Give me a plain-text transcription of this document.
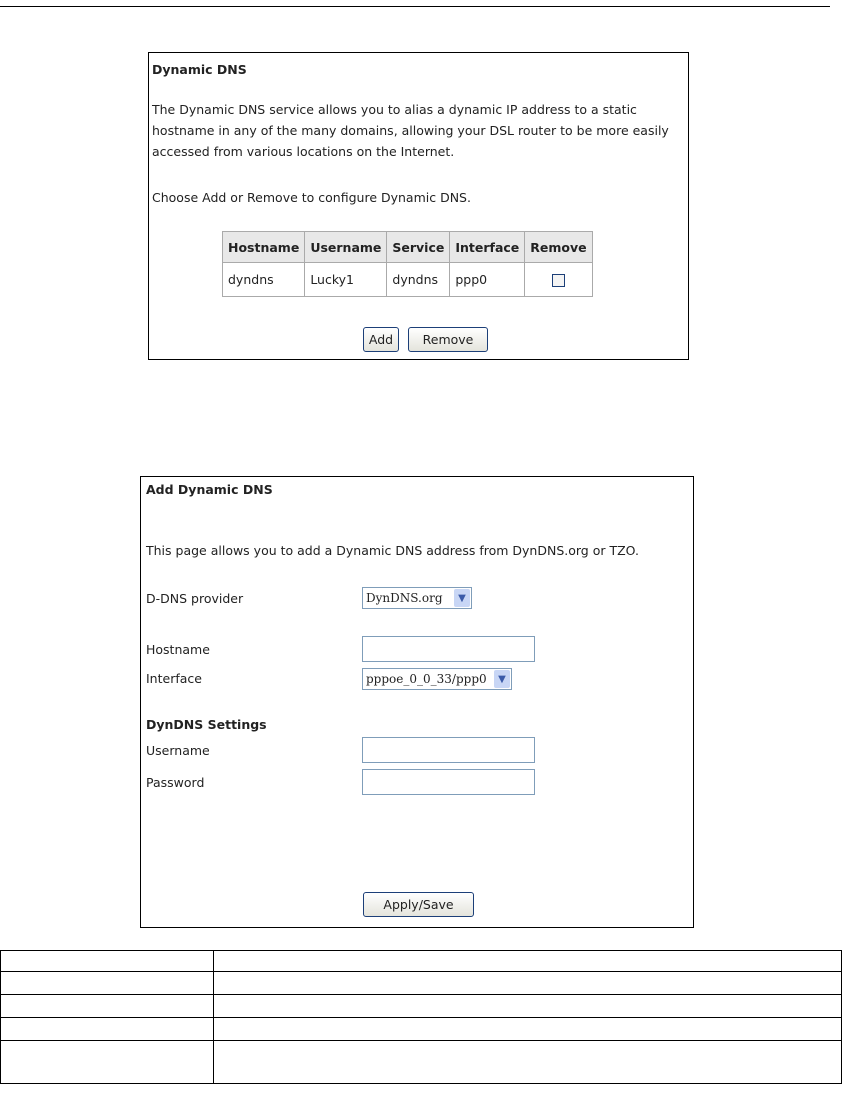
Dynamic DNS

The Dynamic DNS service allows you to alias a dynamic IP address to a static hostname in any of the many domains, allowing your DSL router to be more easily accessed from various locations on the Internet.

Choose Add or Remove to configure Dynamic DNS.

Hostname	Username	Service	Interface	Remove
dyndns	Lucky1	dyndns	ppp0	
Add	Remove

Add Dynamic DNS

This page allows you to add a Dynamic DNS address from DynDNS.org or TZO.

D-DNS provider	DynDNS.org	▼
Hostname
Interface	pppoe_0_0_33/ppp0	▼
DynDNS Settings
Username
Password
Apply/Save
